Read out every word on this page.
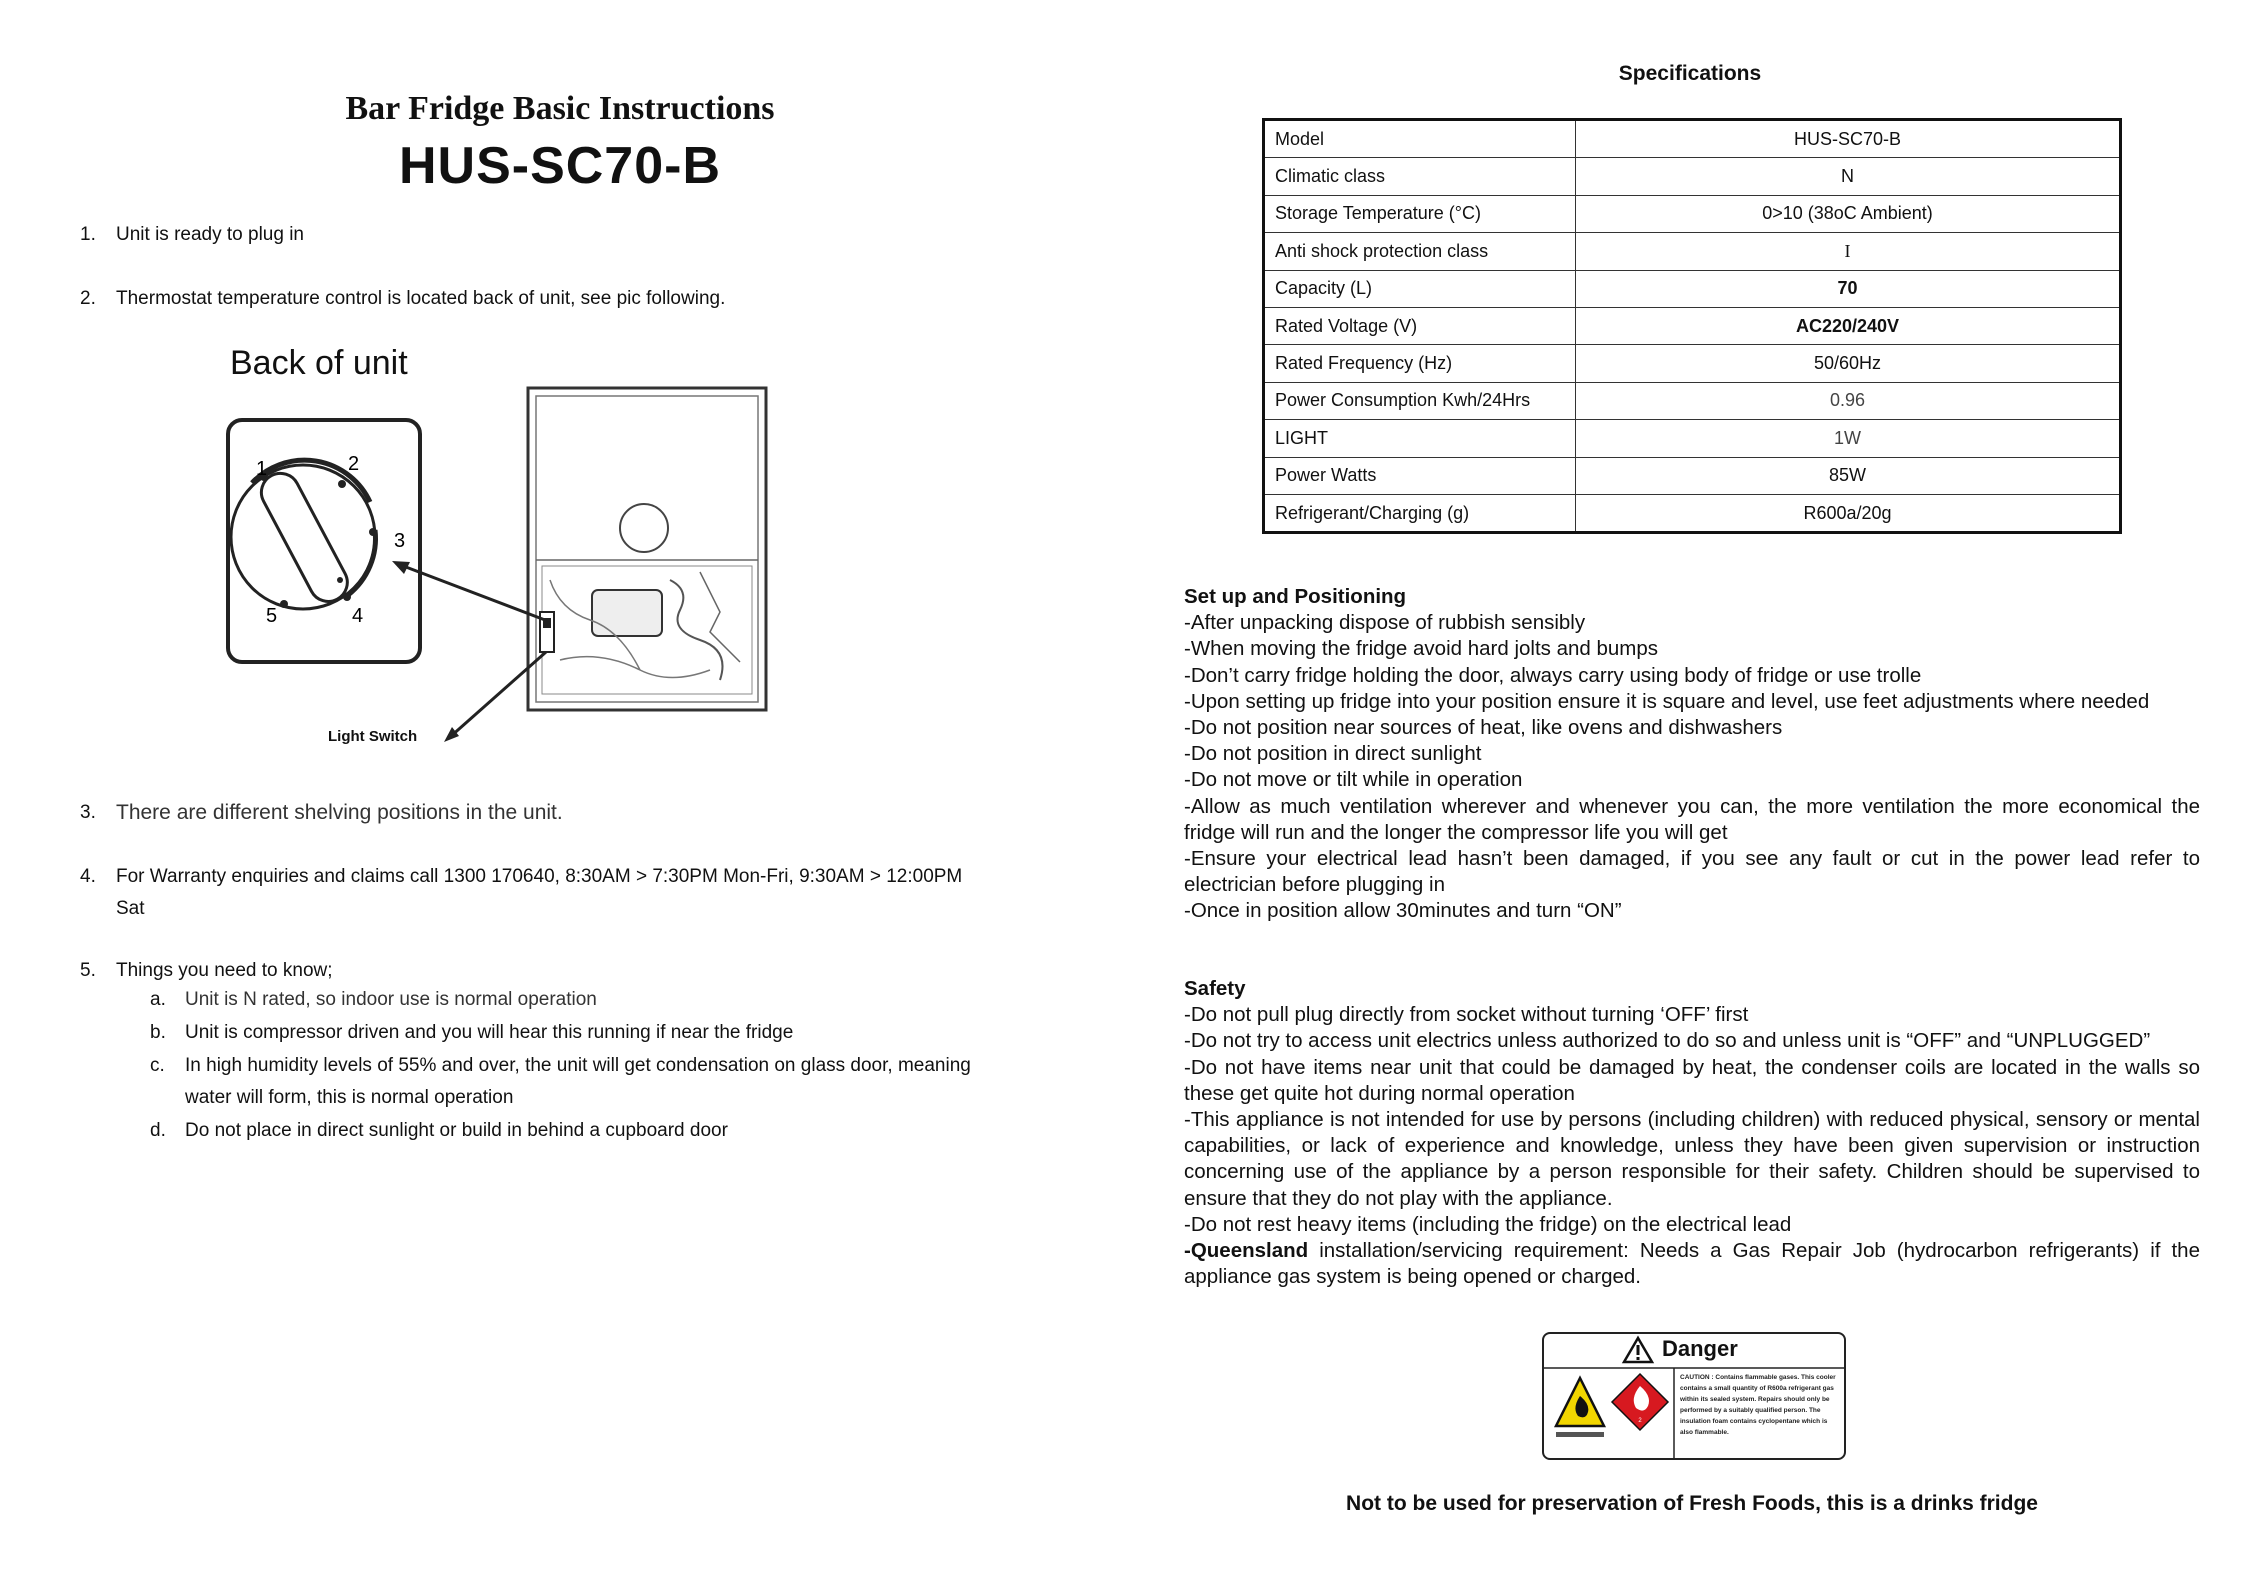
Bar Fridge Basic Instructions
HUS-SC70-B
1.	Unit is ready to plug in
2.	Thermostat temperature control is located back of unit, see pic following.
Back of unit
1	2
3
4
5
Light Switch
3. There are different shelving positions in the unit.
4.	For Warranty enquiries and claims call 1300 170640, 8:30AM > 7:30PM Mon-Fri, 9:30AM > 12:00PM
Sat
5.	Things you need to know;
a.	Unit is N rated, so indoor use is normal operation
b.	Unit is compressor driven and you will hear this running if near the fridge
c.	In high humidity levels of 55% and over, the unit will get condensation on glass door, meaning
water will form, this is normal operation
d.	Do not place in direct sunlight or build in behind a cupboard door
Specifications
Model	HUS-SC70-B
Climatic class	N
Storage Temperature (°C)	0>10 (38oC Ambient)
Anti shock protection class	I
Capacity (L)	70
Rated Voltage (V)	AC220/240V
Rated Frequency (Hz)	50/60Hz
Power Consumption Kwh/24Hrs	0.96
LIGHT	1W
Power Watts	85W
Refrigerant/Charging (g)	R600a/20g

Set up and Positioning

-After unpacking dispose of rubbish sensibly

-When moving the fridge avoid hard jolts and bumps

-Don’t carry fridge holding the door, always carry using body of fridge or use trolle

-Upon setting up fridge into your position ensure it is square and level, use feet adjustments where needed

-Do not position near sources of heat, like ovens and dishwashers

-Do not position in direct sunlight

-Do not move or tilt while in operation

-Allow as much ventilation wherever and whenever you can, the more ventilation the more economical the fridge will run and the longer the compressor life you will get

-Ensure your electrical lead hasn’t been damaged, if you see any fault or cut in the power lead refer to electrician before plugging in

-Once in position allow 30minutes and turn “ON”

Safety

-Do not pull plug directly from socket without turning ‘OFF’ first

-Do not try to access unit electrics unless authorized to do so and unless unit is “OFF” and “UNPLUGGED”

-Do not have items near unit that could be damaged by heat, the condenser coils are located in the walls so these get quite hot during normal operation

-This appliance is not intended for use by persons (including children) with reduced physical, sensory or mental capabilities, or lack of experience and knowledge, unless they have been given supervision or instruction concerning use of the appliance by a person responsible for their safety. Children should be supervised to ensure that they do not play with the appliance.

-Do not rest heavy items (including the fridge) on the electrical lead

-Queensland installation/servicing requirement: Needs a Gas Repair Job (hydrocarbon refrigerants) if the appliance gas system is being opened or charged.

2
Danger
CAUTION : Contains flammable gases. This cooler contains a small quantity of R600a refrigerant gas within its sealed system. Repairs should only be performed by a suitably qualified person. The insulation foam contains cyclopentane which is also flammable.
Not to be used for preservation of Fresh Foods, this is a drinks fridge
